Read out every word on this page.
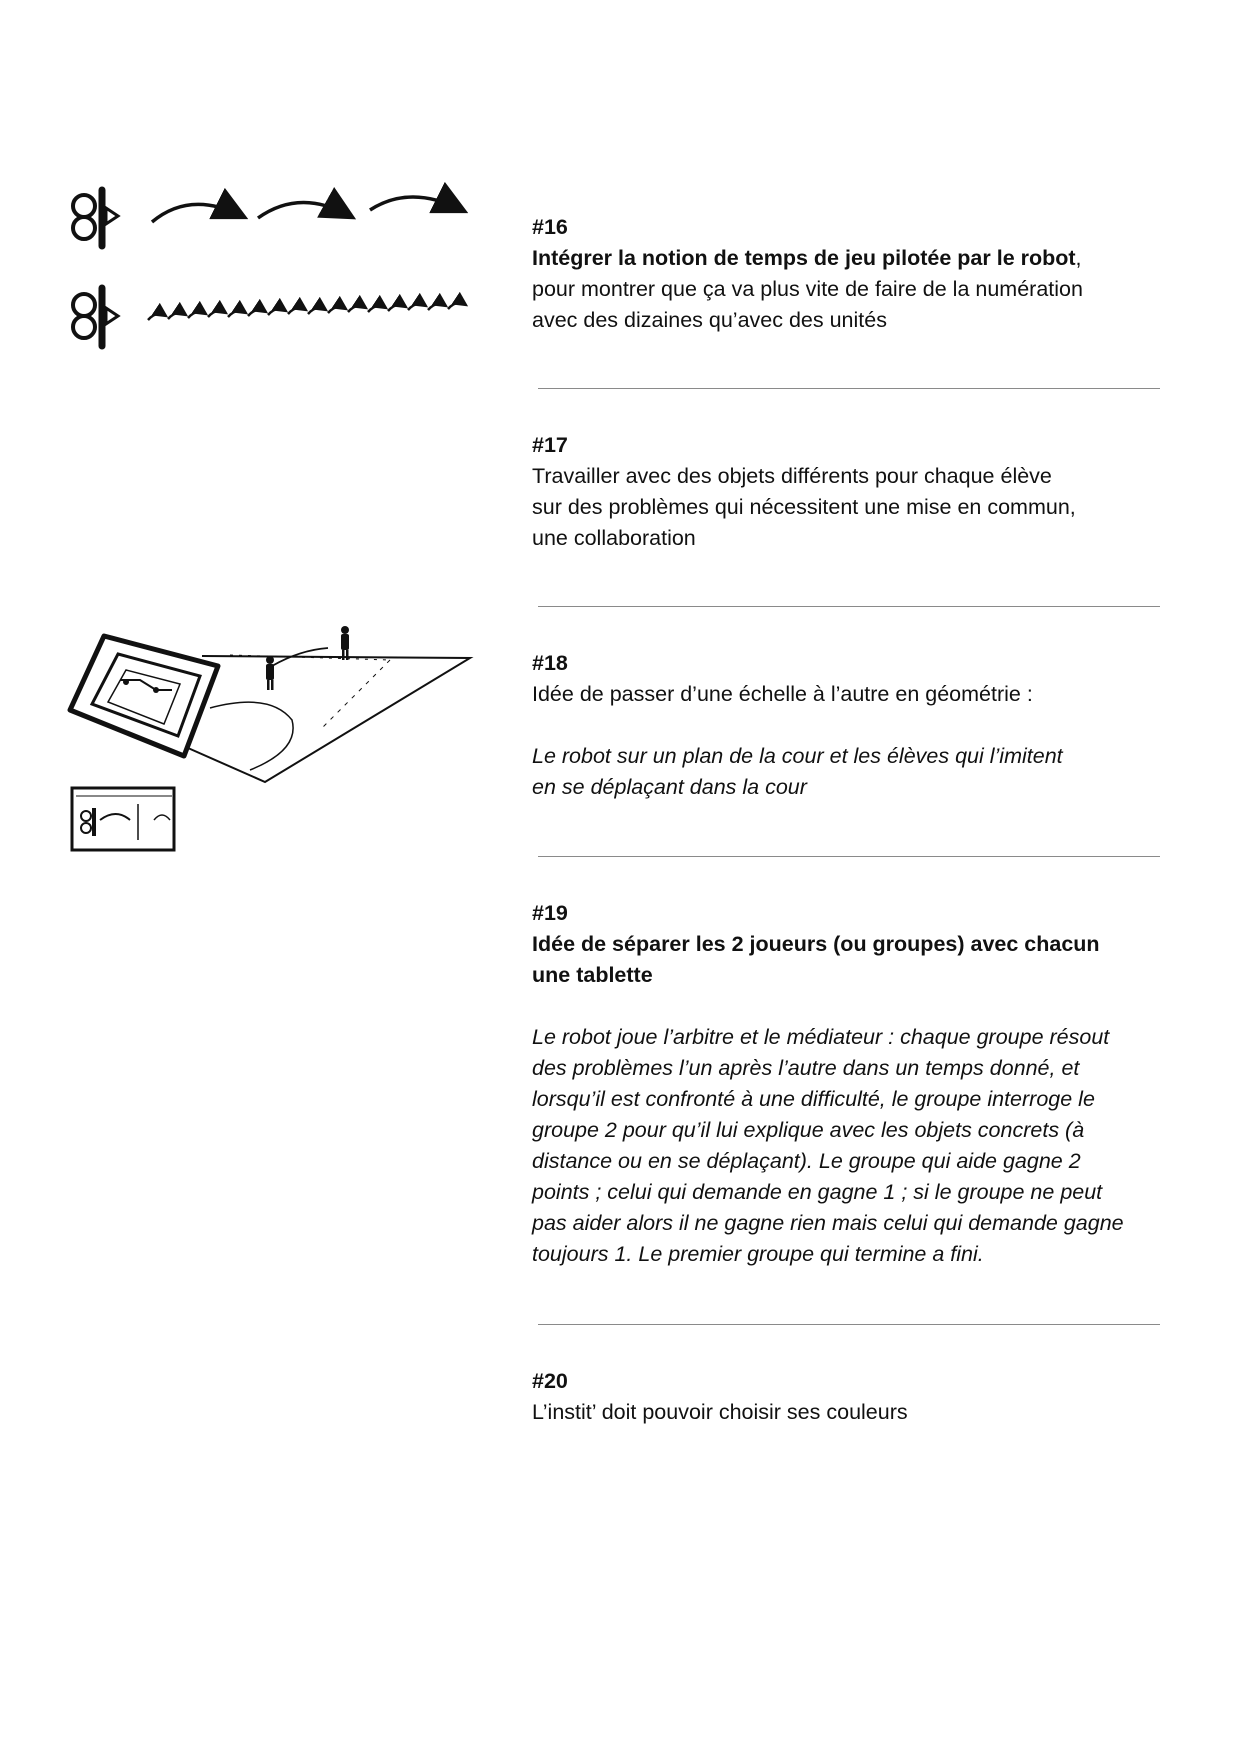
#16
Intégrer la notion de temps de jeu pilotée par le robot,
pour montrer que ça va plus vite de faire de la numération
avec des dizaines qu’avec des unités
#17
Travailler avec des objets différents pour chaque élève
sur des problèmes qui nécessitent une mise en commun,
une collaboration
#18
Idée de passer d’une échelle à l’autre en géométrie :
Le robot sur un plan de la cour et les élèves qui l’imitent
en se déplaçant dans la cour
#19
Idée de séparer les 2 joueurs (ou groupes) avec chacun
une tablette
Le robot joue l’arbitre et le médiateur : chaque groupe résout
des problèmes l’un après l’autre dans un temps donné, et
lorsqu’il est confronté à une difficulté, le groupe interroge le
groupe 2 pour qu’il lui explique avec les objets concrets (à
distance ou en se déplaçant). Le groupe qui aide gagne 2
points ; celui qui demande en gagne 1 ; si le groupe ne peut
pas aider alors il ne gagne rien mais celui qui demande gagne
toujours 1. Le premier groupe qui termine a fini.
#20
L’instit’ doit pouvoir choisir ses couleurs
